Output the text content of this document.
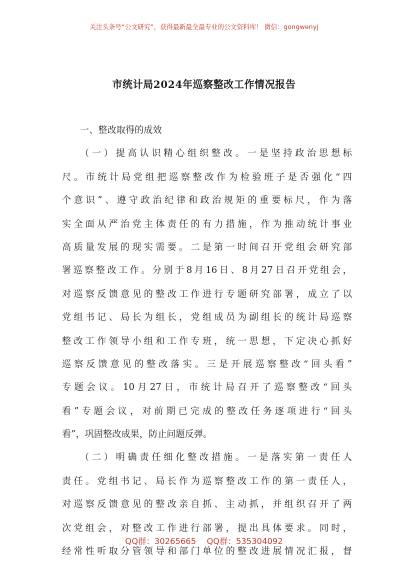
关注头条号“公文研究”，获得最新最全最专业的公文资料库！ 微信：gongwenyj
市统计局2024年巡察整改工作情况报告
一、整改取得的成效
（一）提高认识精心组织整改。一是坚持政治思想标
尺。市统计局党组把巡察整改作为检验班子是否强化“四
个意识”、遵守政治纪律和政治规矩的重要标尺，作为落
实全面从严治党主体责任的有力措施，作为推动统计事业
高质量发展的现实需要。二是第一时间召开党组会研究部
署巡察整改工作。分别于8月16日、8月27日召开党组会，
对巡察反馈意见的整改工作进行专题研究部署，成立了以
党组书记、局长为组长，党组成员为副组长的统计局巡察
整改工作领导小组和工作专班，统一思想，下定决心抓好
巡察反馈意见的整改落实。三是开展巡察整改“回头看”
专题会议。10月27日，市统计局召开了巡察整改“回头
看”专题会议，对前期已完成的整改任务逐项进行“回头
看”，巩固整改成果，防止问题反弹。
（二）明确责任细化整改措施。一是落实第一责任人
责任。党组书记、局长作为巡察整改工作的第一责任人，
对巡察反馈意见的整改亲自抓、主动抓，并组织召开了两
次党组会，对整改工作进行部署，提出具体要求。同时，
经常性听取分管领导和部门单位的整改进展情况汇报，督
QQ群：30265665 QQ群：535304092
